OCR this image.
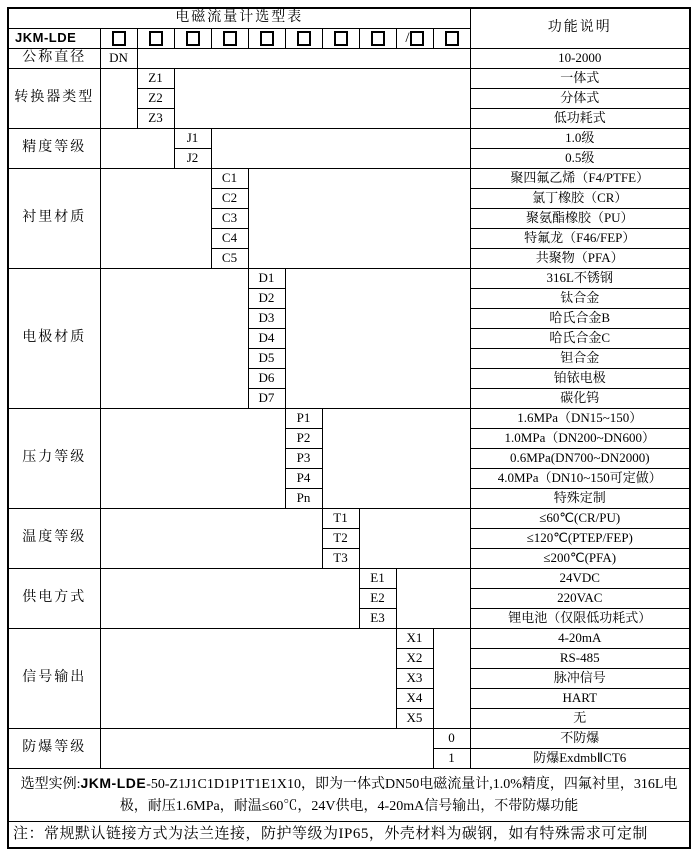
电磁流量计选型表											功能说明
JKM-LDE									/		
公称直径	DN										10-2000
转换器类型		Z1									一体式
		Z2									分体式
		Z3									低功耗式
精度等级			J1								1.0级
			J2								0.5级
衬里材质				C1							聚四氟乙烯（F4/PTFE）
				C2							氯丁橡胶（CR）
				C3							聚氨酯橡胶（PU）
				C4							特氟龙（F46/FEP）
				C5							共聚物（PFA）
电极材质					D1						316L不锈钢
					D2						钛合金
					D3						哈氏合金B
					D4						哈氏合金C
					D5						钽合金
					D6						铂铱电极
					D7						碳化钨
压力等级						P1					1.6MPa（DN15~150）
						P2					1.0MPa（DN200~DN600）
						P3					0.6MPa(DN700~DN2000)
						P4					4.0MPa（DN10~150可定做）
						Pn					特殊定制
温度等级							T1				≤60℃(CR/PU)
							T2				≤120℃(PTEP/FEP)
							T3				≤200℃(PFA)
供电方式								E1			24VDC
								E2			220VAC
								E3			锂电池（仅限低功耗式）
信号输出									X1		4-20mA
									X2		RS-485
									X3		脉冲信号
									X4		HART
									X5		无
防爆等级										0	不防爆
										1	防爆ExdmbⅡCT6
选型实例:JKM-LDE-50-Z1J1C1D1P1T1E1X10，即为一体式DN50电磁流量计,1.0%精度，四氟衬里，316L电极，耐压1.6MPa，耐温≤60℃，24V供电，4-20mA信号输出，不带防爆功能											
注：常规默认链接方式为法兰连接，防护等级为IP65，外壳材料为碳钢，如有特殊需求可定制											
